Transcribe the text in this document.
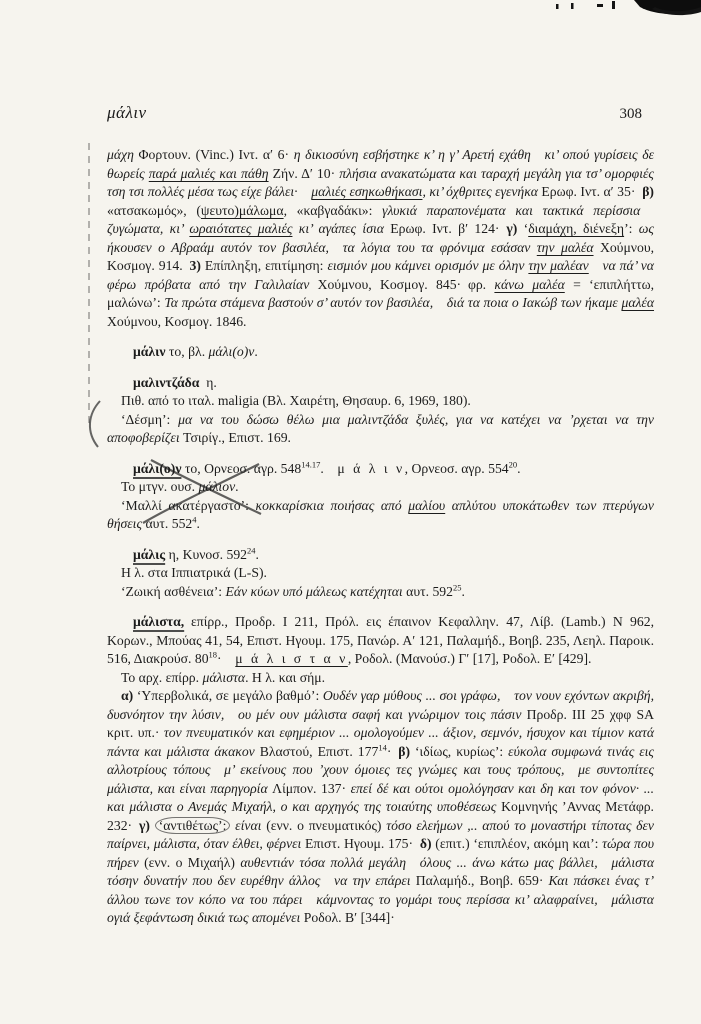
μάλιν	308

μάχη Φορτουν. (Vinc.) Ιντ. α′ 6· η δικιοσύνη εσβήστηκε κ’ η γ’ Αρετή εχάθη κι’ οπού γυρίσεις δε θωρείς παρά μαλιές και πάθη Ζήν. Δ′ 10· πλήσια ανακατώματα και ταραχή μεγάλη για τσ’ ομορφιές τση τσι πολλές μέσα τως είχε βάλει· μαλιές εσηκωθήκασι, κι’ όχθριτες εγενήκα Ερωφ. Ιντ. α′ 35· β) «ατσακωμός», (ψευτο)μάλωμα, «καβγαδάκι»: γλυκιά παραπονέματα και τακτικά περίσσια ζυγώματα, κι’ ωραιότατες μαλιές κι’ αγάπες ίσια Ερωφ. Ιντ. β′ 124· γ) ‘διαμάχη, διένεξη’: ως ήκουσεν ο Αβραάμ αυτόν τον βασιλέα, τα λόγια του τα φρόνιμα εσάσαν την μαλέα Χούμνου, Κοσμογ. 914. 3) Επίπληξη, επιτίμηση: εισμιόν μου κάμνει ορισμόν με όλην την μαλέαν να πά’ να φέρω πρόβατα από την Γαλιλαίαν Χούμνου, Κοσμογ. 845· φρ. κάνω μαλέα = ‘επιπλήττω, μαλώνω’: Τα πρώτα στάμενα βαστούν σ’ αυτόν τον βασιλέα, διά τα ποια ο Ιακώβ των ήκαμε μαλέα Χούμνου, Κοσμογ. 1846.

μάλιν το, βλ. μάλι(ο)ν.

μαλιντζάδα η.

Πιθ. από το ιταλ. maligia (Βλ. Χαιρέτη, Θησαυρ. 6, 1969, 180).

‘Δέσμη’: μα να του δώσω θέλω μια μαλιντζάδα ξυλές, για να κατέχει να ’ρχεται να την αποφοβερίζει Τσιρίγ., Επιστ. 169.

μάλι(ο)ν το, Ορνεοσ. αγρ. $548^{14.17}$. μ ά λ ι ν, Ορνεοσ. αγρ. $554^{20}$.

Το μτγν. ουσ. μάλιον.

‘Μαλλί ακατέργαστο’: κοκκαρίσκια ποιήσας από μαλίου απλύτου υποκάτωθεν των πτερύγων θήσεις αυτ. $552^4$.

μάλις η, Κυνοσ. $592^{24}$.

Η λ. στα Ιππιατρικά (L-S).

‘Ζωική ασθένεια’: Εάν κύων υπό μάλεως κατέχηται αυτ. $592^{25}$.

μάλιστα, επίρρ., Προδρ. Ι 211, Πρόλ. εις έπαινον Κεφαλλην. 47, Λίβ. (Lamb.) N 962, Κορων., Μπούας 41, 54, Επιστ. Ηγουμ. 175, Πανώρ. Α′ 121, Παλαμήδ., Βοηβ. 235, Λεηλ. Παροικ. 516, Διακρούσ. $80^{18}\cdot$ μ ά λ ι σ τ α ν, Ροδολ. (Μανούσ.) Γ′ [17], Ροδολ. Ε′ [429].

Το αρχ. επίρρ. μάλιστα. Η λ. και σήμ.

α) ‘Υπερβολικά, σε μεγάλο βαθμό’: Ουδέν γαρ μύθους ... σοι γράφω, τον νουν εχόντων ακριβή, δυσνόητον την λύσιν, ου μέν ουν μάλιστα σαφή και γνώριμον τοις πάσιν Προδρ. ΙΙΙ 25 χφφ SA κριτ. υπ.· τον πνευματικόν και εφημέριον ... ομολογούμεν ... άξιον, σεμνόν, ήσυχον και τίμιον κατά πάντα και μάλιστα άκακον Βλαστού, Επιστ. $177^{14}\cdot$ β) ‘ιδίως, κυρίως’: εύκολα συμφωνά τινάς εις αλλοτρίους τόπους μ’ εκείνους που ’χουν όμοιες τες γνώμες και τους τρόπους, με συντοπίτες μάλιστα, και είναι παρηγορία Λίμπον. 137· επεί δέ και ούτοι ομολόγησαν και δη και τον φόνον· ... και μάλιστα ο Ανεμάς Μιχαήλ, ο και αρχηγός της τοιαύτης υποθέσεως Κομνηνής ’Αννας Μετάφρ. 232· γ) ‘αντιθέτως’: είναι (ενν. ο πνευματικός) τόσο ελεήμων ,.. απού το μοναστήρι τίποτας δεν παίρνει, μάλιστα, όταν έλθει, φέρνει Επιστ. Ηγουμ. 175· δ) (επιτ.) ‘επιπλέον, ακόμη και’: τώρα που πήρεν (ενν. ο Μιχαήλ) αυθεντιάν τόσα πολλά μεγάλη όλους ... άνω κάτω μας βάλλει, μάλιστα τόσην δυνατήν που δεν ευρέθην άλλος να την επάρει Παλαμήδ., Βοηβ. 659· Και πάσκει ένας τ’ άλλου τωνε τον κόπο να του πάρει κάμνοντας το γομάρι τους περίσσα κι’ αλαφραίνει, μάλιστα ογιά ξεφάντωση δικιά τως απομένει Ροδολ. Β′ [344]·
